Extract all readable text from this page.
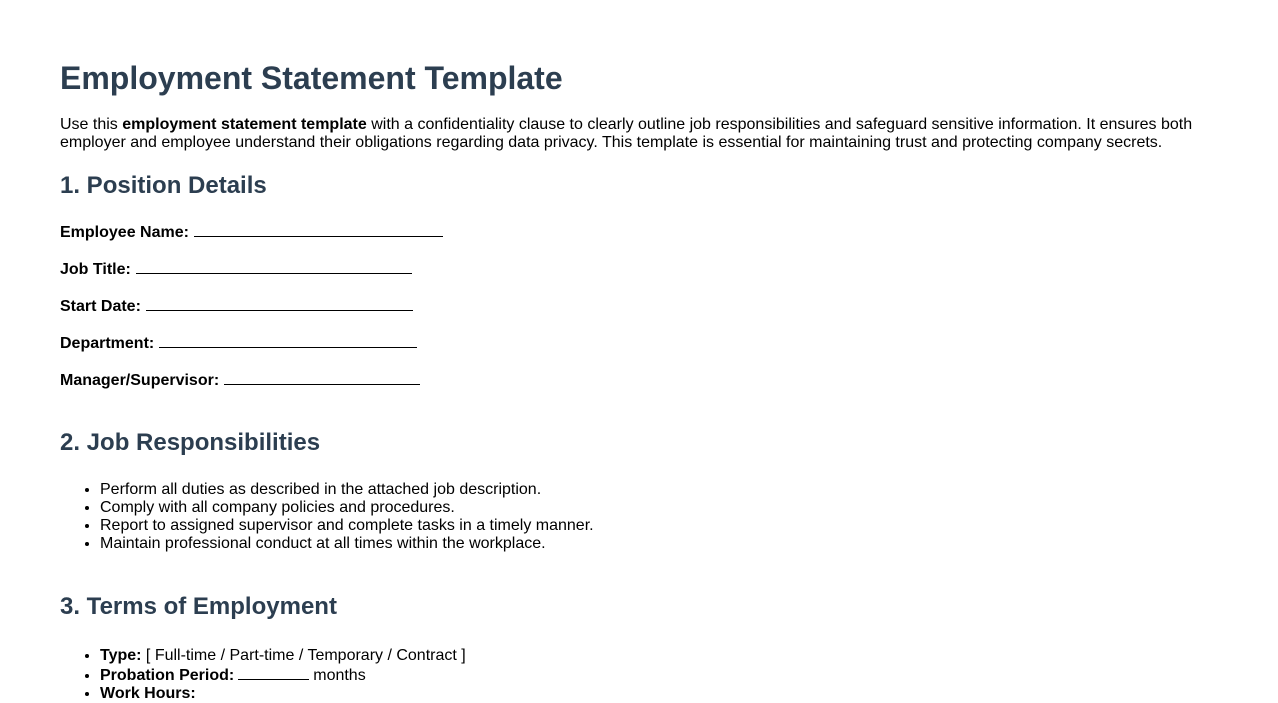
Employment Statement Template

Use this employment statement template with a confidentiality clause to clearly outline job responsibilities and safeguard sensitive information. It ensures both employer and employee understand their obligations regarding data privacy. This template is essential for maintaining trust and protecting company secrets.

1. Position Details
Employee Name:
Job Title:
Start Date:
Department:
Manager/Supervisor:
2. Job Responsibilities
• Perform all duties as described in the attached job description.
• Comply with all company policies and procedures.
• Report to assigned supervisor and complete tasks in a timely manner.
• Maintain professional conduct at all times within the workplace.
3. Terms of Employment
• Type: [ Full-time / Part-time / Temporary / Contract ]
• Probation Period:	months
• Work Hours:
